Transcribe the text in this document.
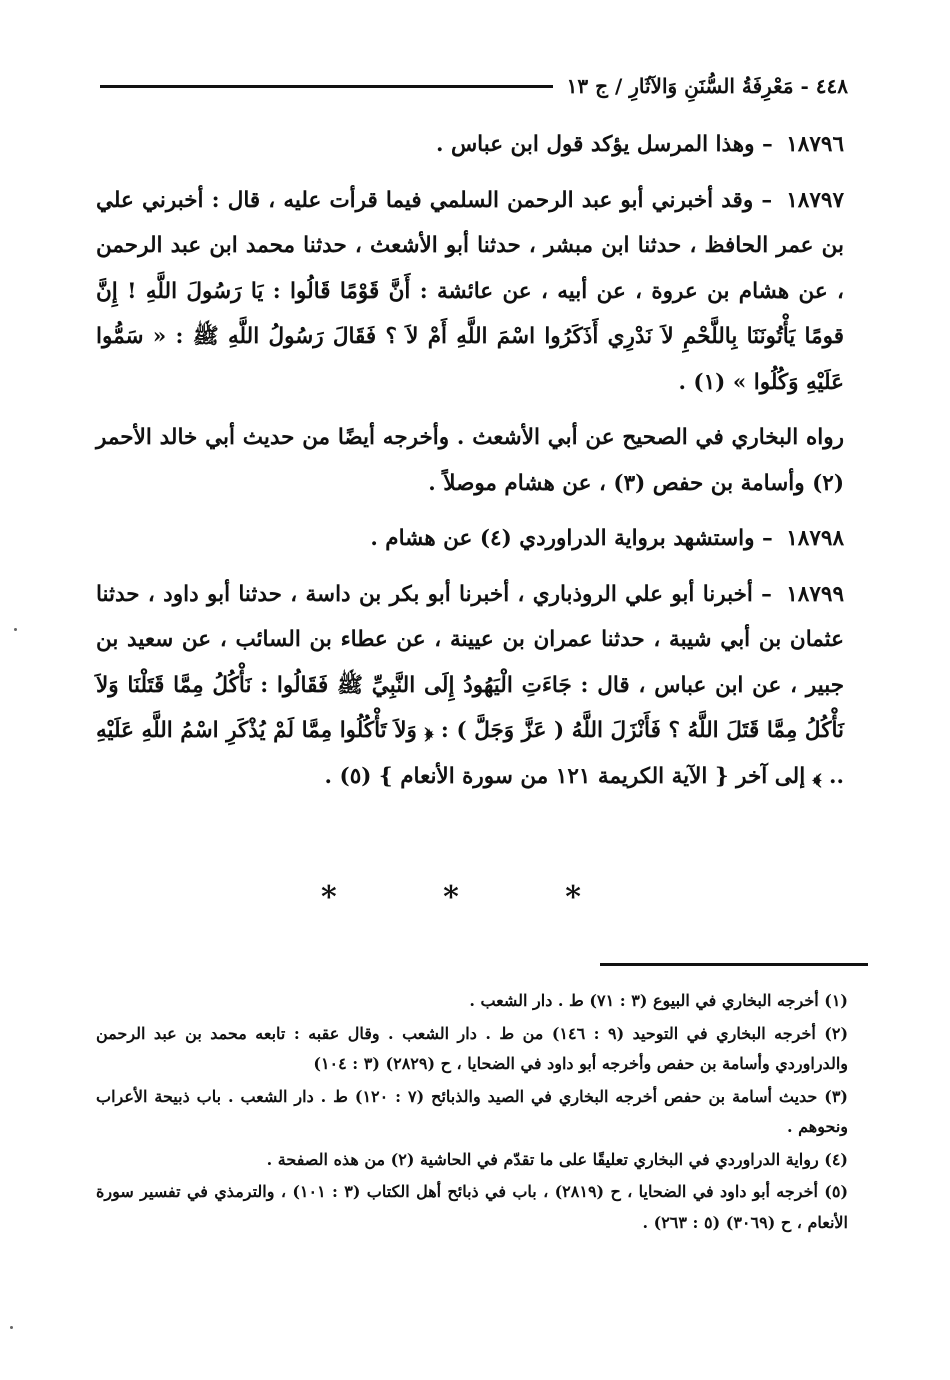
٤٤٨ - مَعْرِفَةُ السُّنَنِ وَالآثَارِ / ج ١٣

١٨٧٩٦ – وهذا المرسل يؤكد قول ابن عباس .

١٨٧٩٧ – وقد أخبرني أبو عبد الرحمن السلمي فيما قرأت عليه ، قال : أخبرني علي بن عمر الحافظ ، حدثنا ابن مبشر ، حدثنا أبو الأشعث ، حدثنا محمد ابن عبد الرحمن ، عن هشام بن عروة ، عن أبيه ، عن عائشة : أَنَّ قَوْمًا قَالُوا : يَا رَسُولَ اللَّهِ ! إِنَّ قومًا يَأْتُونَنَا بِاللَّحْمِ لاَ نَدْرِي أَذَكَرُوا اسْمَ اللَّهِ أَمْ لاَ ؟ فَقَالَ رَسُولُ اللَّهِ ﷺ : « سَمُّوا عَلَيْهِ وَكُلُوا » (١) .

رواه البخاري في الصحيح عن أبي الأشعث . وأخرجه أيضًا من حديث أبي خالد الأحمر (٢) وأسامة بن حفص (٣) ، عن هشام موصلاً .

١٨٧٩٨ – واستشهد برواية الدراوردي (٤) عن هشام .

١٨٧٩٩ – أخبرنا أبو علي الروذباري ، أخبرنا أبو بكر بن داسة ، حدثنا أبو داود ، حدثنا عثمان بن أبي شيبة ، حدثنا عمران بن عيينة ، عن عطاء بن السائب ، عن سعيد بن جبير ، عن ابن عباس ، قال : جَاءَتِ الْيَهُودُ إِلَى النَّبِيِّ ﷺ فَقَالُوا : نَأْكُلُ مِمَّا قَتَلْنَا وَلاَ نَأْكُلُ مِمَّا قَتَلَ اللَّهُ ؟ فَأَنْزَلَ اللَّهُ ( عَزَّ وَجَلَّ ) : ﴿ وَلاَ تَأْكُلُوا مِمَّا لَمْ يُذْكَرِ اسْمُ اللَّهِ عَلَيْهِ .. ﴾ إلى آخر { الآية الكريمة ١٢١ من سورة الأنعام } (٥) .

* * *

(١) أخرجه البخاري في البيوع (٣ : ٧١) ط . دار الشعب .

(٢) أخرجه البخاري في التوحيد (٩ : ١٤٦) من ط . دار الشعب . وقال عقبه : تابعه محمد بن عبد الرحمن والدراوردي وأسامة بن حفص وأخرجه أبو داود في الضحايا ، ح (٢٨٢٩) (٣ : ١٠٤)

(٣) حديث أسامة بن حفص أخرجه البخاري في الصيد والذبائح (٧ : ١٢٠) ط . دار الشعب . باب ذبيحة الأعراب ونحوهم .

(٤) رواية الدراوردي في البخاري تعليقًا على ما تقدّم في الحاشية (٢) من هذه الصفحة .

(٥) أخرجه أبو داود في الضحايا ، ح (٢٨١٩) ، باب في ذبائح أهل الكتاب (٣ : ١٠١) ، والترمذي في تفسير سورة الأنعام ، ح (٣٠٦٩) (٥ : ٢٦٣) .
